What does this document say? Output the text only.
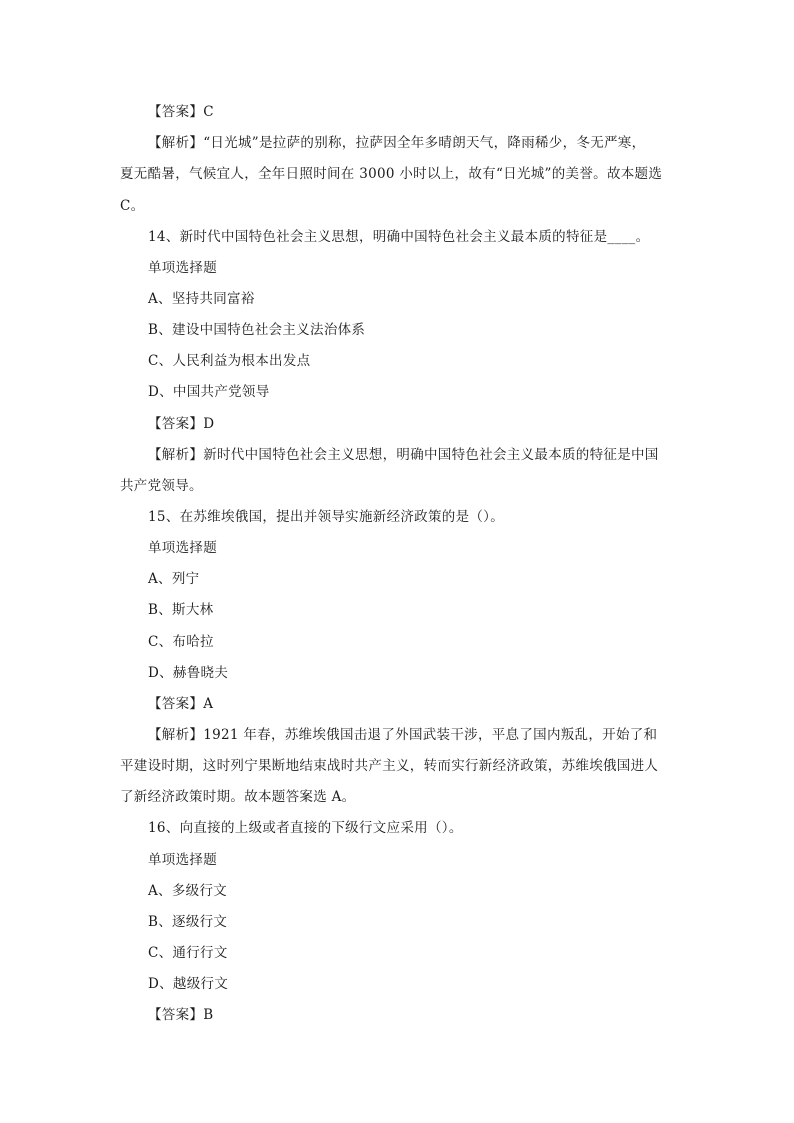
【答案】C
【解析】“日光城”是拉萨的别称，拉萨因全年多晴朗天气，降雨稀少，冬无严寒，
夏无酷暑，气候宜人，全年日照时间在 3000 小时以上，故有“日光城”的美誉。故本题选
C。
14、新时代中国特色社会主义思想，明确中国特色社会主义最本质的特征是____。
单项选择题
A、坚持共同富裕
B、建设中国特色社会主义法治体系
C、人民利益为根本出发点
D、中国共产党领导
【答案】D
【解析】新时代中国特色社会主义思想，明确中国特色社会主义最本质的特征是中国
共产党领导。
15、在苏维埃俄国，提出并领导实施新经济政策的是（）。
单项选择题
A、列宁
B、斯大林
C、布哈拉
D、赫鲁晓夫
【答案】A
【解析】1921 年春，苏维埃俄国击退了外国武装干涉，平息了国内叛乱，开始了和
平建设时期，这时列宁果断地结束战时共产主义，转而实行新经济政策，苏维埃俄国进人
了新经济政策时期。故本题答案选 A。
16、向直接的上级或者直接的下级行文应采用（）。
单项选择题
A、多级行文
B、逐级行文
C、通行行文
D、越级行文
【答案】B
